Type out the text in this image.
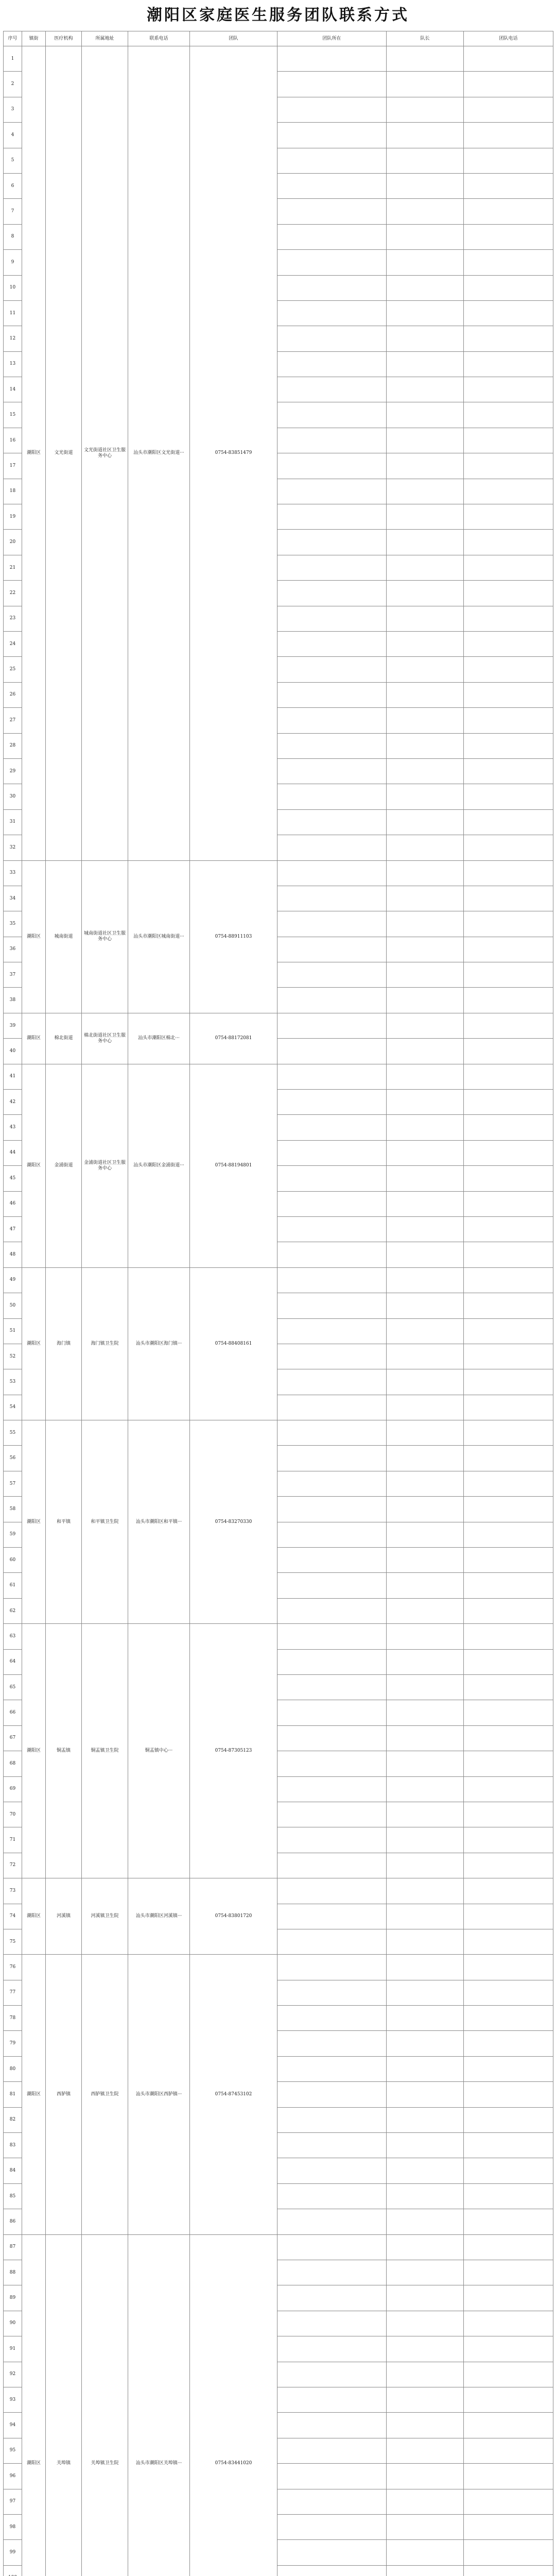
潮阳区家庭医生服务团队联系方式
序号	镇街	医疗机构	所属地址	联系电话	团队	团队所在	队长	团队电话	
1	潮阳区	文光街道	文光街道社区卫生服务中心	汕头市潮阳区文光街道···	0754-83851479				
2									
3									
4									
5									
6									
7									
8									
9									
10									
11									
12									
13									
14									
15									
16									
17									
18									
19									
20									
21									
22									
23									
24									
25									
26									
27									
28									
29									
30									
31									
32									
33	潮阳区	城南街道	城南街道社区卫生服务中心	汕头市潮阳区城南街道···	0754-88911103				
34									
35									
36									
37									
38									
39	潮阳区	棉北街道	棉北街道社区卫生服务中心	汕头市潮阳区棉北···	0754-88172081				
40									
41	潮阳区	金浦街道	金浦街道社区卫生服务中心	汕头市潮阳区金浦街道···	0754-88194801				
42									
43									
44									
45									
46									
47									
48									
49	潮阳区	海门镇	海门镇卫生院	汕头市潮阳区海门镇···	0754-88408161				
50									
51									
52									
53									
54									
55	潮阳区	和平镇	和平镇卫生院	汕头市潮阳区和平镇···	0754-83270330				
56									
57									
58									
59									
60									
61									
62									
63	潮阳区	铜盂镇	铜盂镇卫生院	铜盂镇中心···	0754-87305123				
64									
65									
66									
67									
68									
69									
70									
71									
72									
73	潮阳区	河溪镇	河溪镇卫生院	汕头市潮阳区河溪镇···	0754-83801720				
74									
75									
76	潮阳区	西胪镇	西胪镇卫生院	汕头市潮阳区西胪镇···	0754-87453102				
77									
78									
79									
80									
81									
82									
83									
84									
85									
86									
87	潮阳区	关埠镇	关埠镇卫生院	汕头市潮阳区关埠镇···	0754-83441020				
88									
89									
90									
91									
92									
93									
94									
95									
96									
97									
98									
99									
